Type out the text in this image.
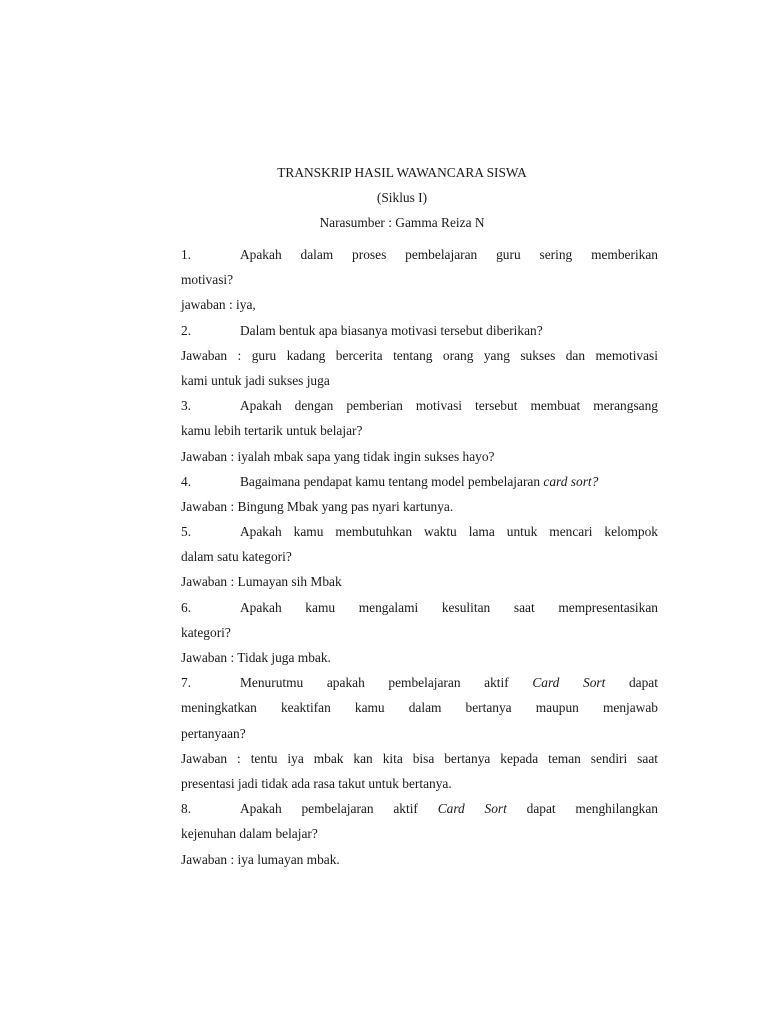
TRANSKRIP HASIL WAWANCARA SISWA
(Siklus I)
Narasumber : Gamma Reiza N
1.	Apakah dalam proses pembelajaran guru sering memberikan
motivasi?
jawaban : iya,
2.	Dalam bentuk apa biasanya motivasi tersebut diberikan?
Jawaban : guru kadang bercerita tentang orang yang sukses dan memotivasi
kami untuk jadi sukses juga
3.	Apakah dengan pemberian motivasi tersebut membuat merangsang
kamu lebih tertarik untuk belajar?
Jawaban : iyalah mbak sapa yang tidak ingin sukses hayo?
4.	Bagaimana pendapat kamu tentang model pembelajaran card sort?
Jawaban : Bingung Mbak yang pas nyari kartunya.
5.	Apakah kamu membutuhkan waktu lama untuk mencari kelompok
dalam satu kategori?
Jawaban : Lumayan sih Mbak
6.	Apakah kamu mengalami kesulitan saat mempresentasikan
kategori?
Jawaban : Tidak juga mbak.
7.	Menurutmu apakah pembelajaran aktif Card Sort dapat
meningkatkan keaktifan kamu dalam bertanya maupun menjawab
pertanyaan?
Jawaban : tentu iya mbak kan kita bisa bertanya kepada teman sendiri saat
presentasi jadi tidak ada rasa takut untuk bertanya.
8.	Apakah pembelajaran aktif Card Sort dapat menghilangkan
kejenuhan dalam belajar?
Jawaban : iya lumayan mbak.
